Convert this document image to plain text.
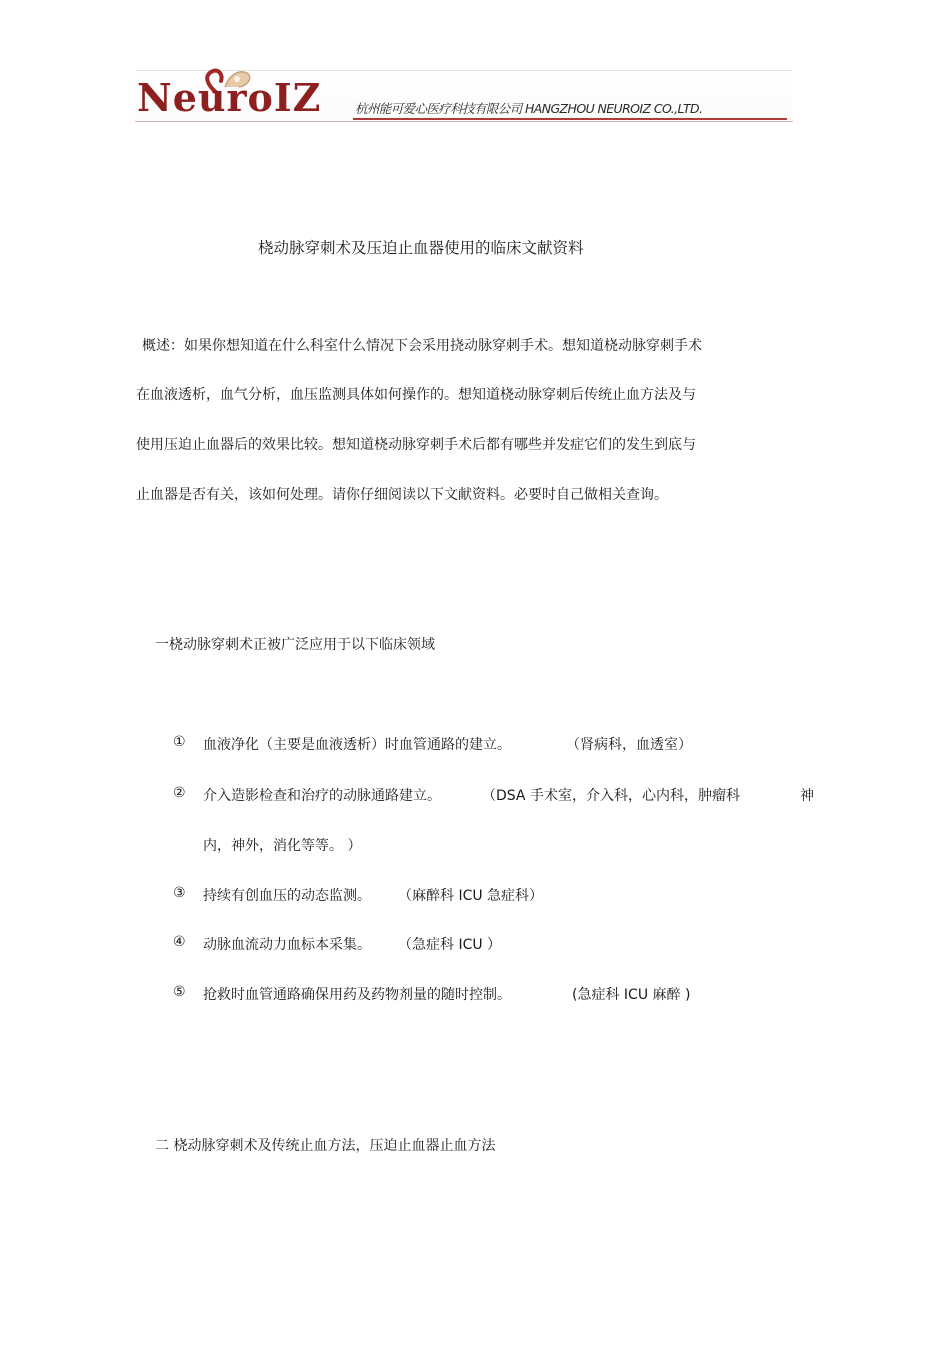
NeuroIZ	杭州能可爱心医疗科技有限公司 HANGZHOU NEUROIZ CO.,LTD.
桡动脉穿刺术及压迫止血器使用的临床文献资料
概述：如果你想知道在什么科室什么情况下会采用挠动脉穿刺手术。想知道桡动脉穿刺手术
在血液透析，血气分析，血压监测具体如何操作的。想知道桡动脉穿刺后传统止血方法及与
使用压迫止血器后的效果比较。想知道桡动脉穿刺手术后都有哪些并发症它们的发生到底与
止血器是否有关，该如何处理。请你仔细阅读以下文献资料。必要时自己做相关查询。
一桡动脉穿刺术正被广泛应用于以下临床领域
① 血液净化（主要是血液透析）时血管通路的建立。	（肾病科，血透室）
② 介入造影检查和治疗的动脉通路建立。	（DSA 手术室，介入科，心内科，肿瘤科	神
内，神外，消化等等。 ）
③ 持续有创血压的动态监测。 （麻醉科 ICU 急症科）
④ 动脉血流动力血标本采集。 （急症科 ICU ）
⑤ 抢救时血管通路确保用药及药物剂量的随时控制。	(急症科 ICU 麻醉 )
二 桡动脉穿刺术及传统止血方法，压迫止血器止血方法
